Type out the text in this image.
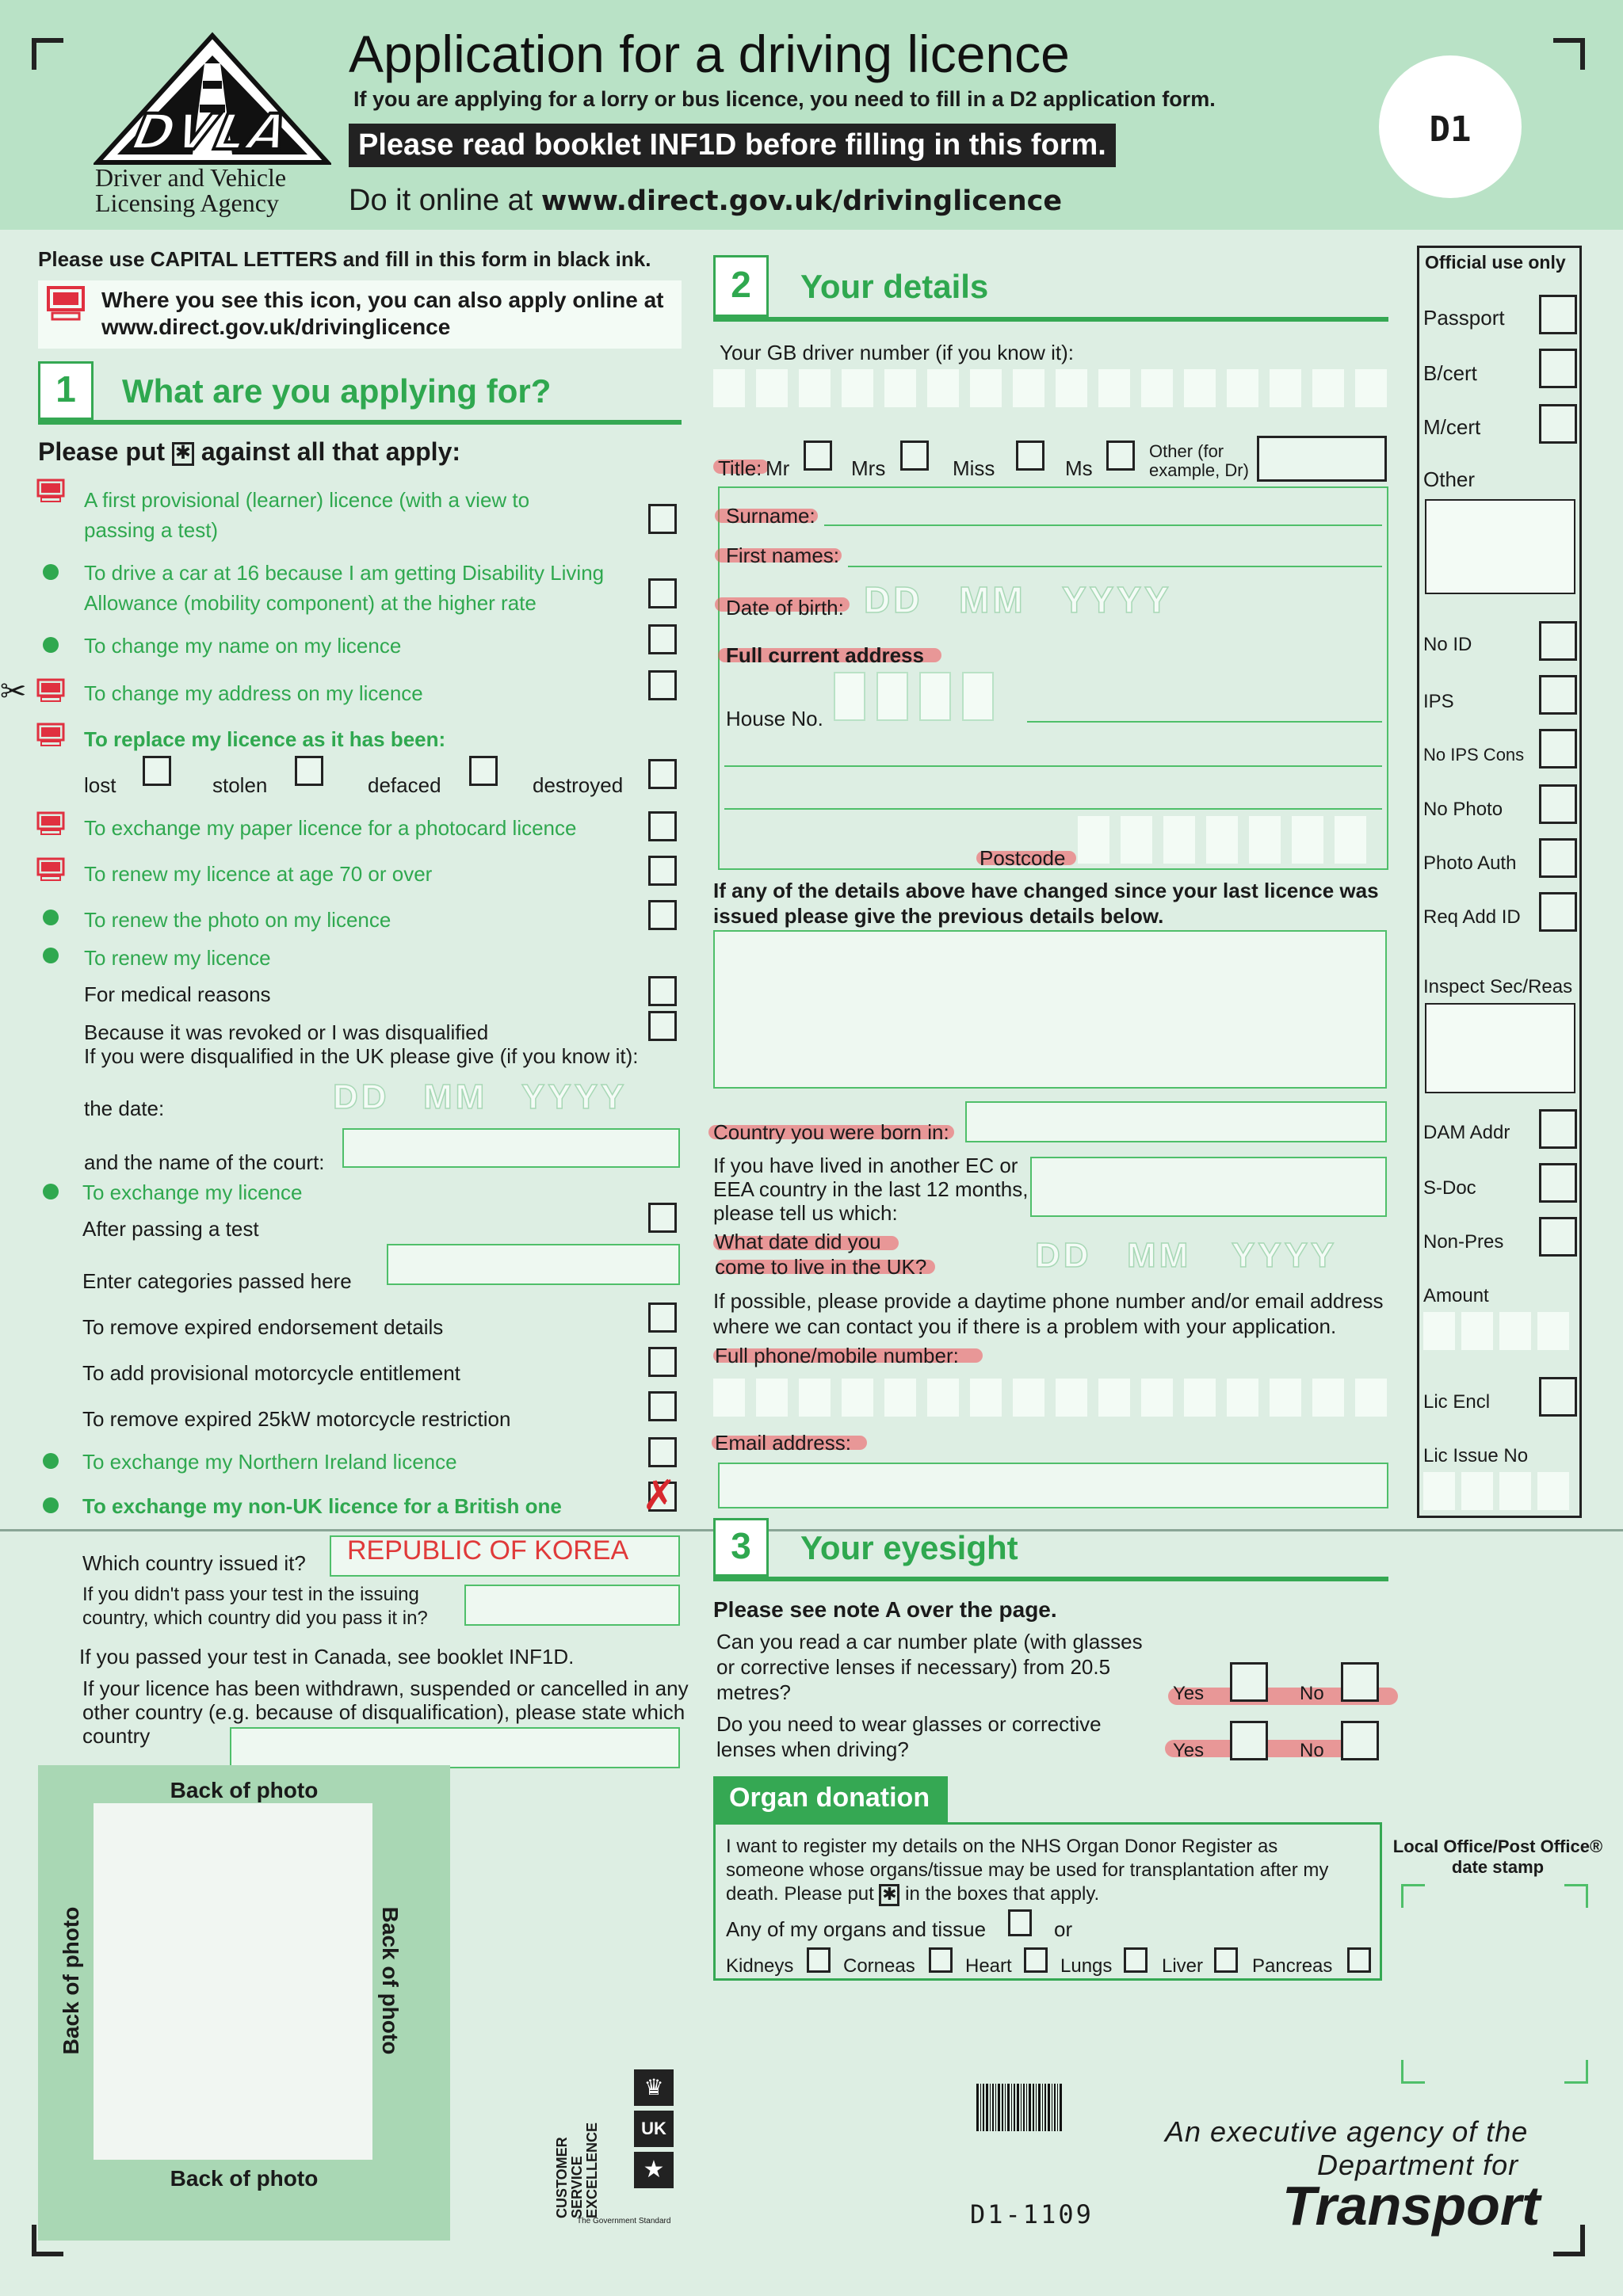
DVLA
Driver and Vehicle
Licensing Agency
Application for a driving licence
If you are applying for a lorry or bus licence, you need to fill in a D2 application form.
Please read booklet INF1D before filling in this form.
Do it online at www.direct.gov.uk/drivinglicence
D1
Please use CAPITAL LETTERS and fill in this form in black ink.
Where you see this icon, you can also apply online at www.direct.gov.uk/drivinglicence
1	What are you applying for?
Please put ✱ against all that apply:
A first provisional (learner) licence (with a view to passing a test)
To drive a car at 16 because I am getting Disability Living Allowance (mobility component) at the higher rate
To change my name on my licence
✂	To change my address on my licence
To replace my licence as it has been:
lost	stolen	defaced	destroyed
To exchange my paper licence for a photocard licence
To renew my licence at age 70 or over
To renew the photo on my licence
To renew my licence
For medical reasons
Because it was revoked or I was disqualified
If you were disqualified in the UK please give (if you know it):
the date:	DD MM YYYY
and the name of the court:
To exchange my licence
After passing a test
Enter categories passed here
To remove expired endorsement details
To add provisional motorcycle entitlement
To remove expired 25kW motorcycle restriction
To exchange my Northern Ireland licence
To exchange my non-UK licence for a British one ✗
Which country issued it? REPUBLIC OF KOREA
If you didn't pass your test in the issuing country, which country did you pass it in?
If you passed your test in Canada, see booklet INF1D.
If your licence has been withdrawn, suspended or cancelled in any other country (e.g. because of disqualification), please state which country
Back of photo
Back of photo
Back of photo	Back of photo
2	Your details
Your GB driver number (if you know it):
Title: Mr	Mrs	Miss	Ms
Other (for example, Dr)
Surname:
First names:
Date of birth: DD MM YYYY
Full current address
House No.
Postcode
If any of the details above have changed since your last licence was issued please give the previous details below.
Country you were born in:
If you have lived in another EC or EEA country in the last 12 months, please tell us which:
What date did you
come to live in the UK?	DD MM YYYY
If possible, please provide a daytime phone number and/or email address where we can contact you if there is a problem with your application.
Full phone/mobile number:
Email address:
3	Your eyesight
Please see note A over the page.
Can you read a car number plate (with glasses or corrective lenses if necessary) from 20.5 metres?	Yes	No
Do you need to wear glasses or corrective lenses when driving?	Yes	No
Organ donation
I want to register my details on the NHS Organ Donor Register as someone whose organs/tissue may be used for transplantation after my death. Please put ✱ in the boxes that apply.
Any of my organs and tissue	or
Kidneys	Corneas	Heart	Lungs	Liver	Pancreas
Official use only
Passport
B/cert
M/cert
Other
No ID
IPS
No IPS Cons
No Photo
Photo Auth
Req Add ID
Inspect Sec/Reas
DAM Addr
S-Doc
Non-Pres
Amount
Lic Encl
Lic Issue No
Local Office/Post Office®
date stamp
CUSTOMER SERVICE EXCELLENCE
♛
UK
★
The Government Standard	D1-1109
An executive agency of the
Department for
Transport
